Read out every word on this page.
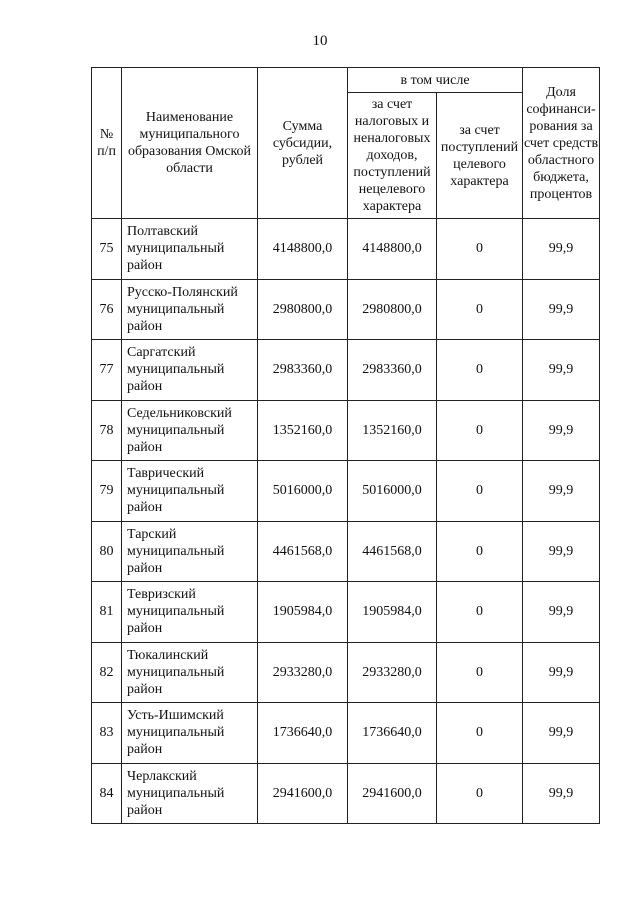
10
№ п/п	Наименование муниципального образования Омской области	Сумма субсидии, рублей	в том числе		Доля софинанси-рования за счет средств областного бюджета, процентов
			за счет налоговых и неналоговых доходов, поступлений нецелевого характера	за счет поступлений целевого характера	
75	Полтавский муниципальный район	4148800,0	4148800,0	0	99,9
76	Русско-Полянский муниципальный район	2980800,0	2980800,0	0	99,9
77	Саргатский муниципальный район	2983360,0	2983360,0	0	99,9
78	Седельниковский муниципальный район	1352160,0	1352160,0	0	99,9
79	Таврический муниципальный район	5016000,0	5016000,0	0	99,9
80	Тарский муниципальный район	4461568,0	4461568,0	0	99,9
81	Тевризский муниципальный район	1905984,0	1905984,0	0	99,9
82	Тюкалинский муниципальный район	2933280,0	2933280,0	0	99,9
83	Усть-Ишимский муниципальный район	1736640,0	1736640,0	0	99,9
84	Черлакский муниципальный район	2941600,0	2941600,0	0	99,9
